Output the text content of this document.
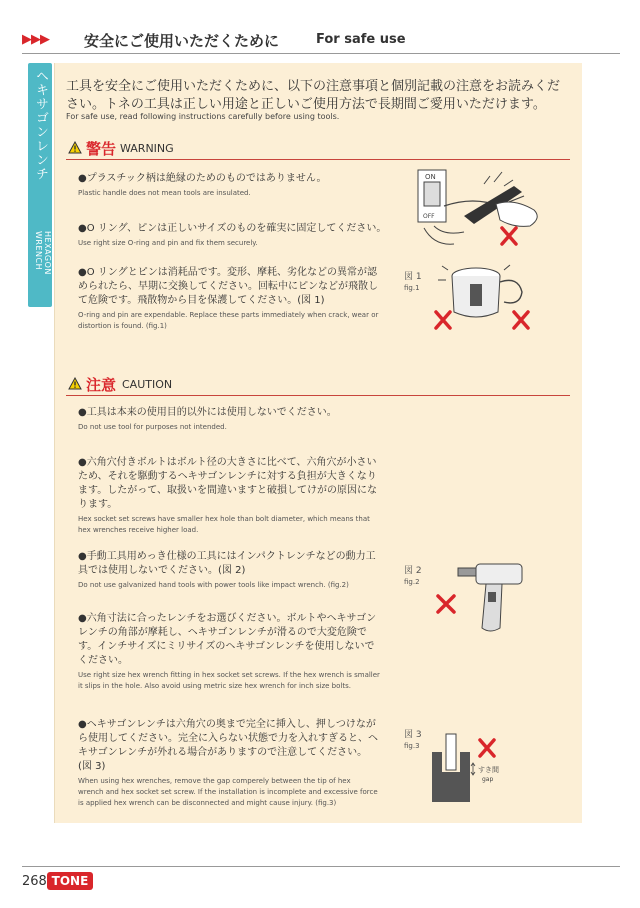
▶▶▶ 安全にご使用いただくために	For safe use
ヘキサゴンレンチ
HEXAGON WRENCH
工具を安全にご使用いただくために、以下の注意事項と個別記載の注意をお読みください。トネの工具は正しい用途と正しいご使用方法で長期間ご愛用いただけます。
For safe use, read following instructions carefully before using tools.
警告 WARNING
●プラスチック柄は絶縁のためのものではありません。
Plastic handle does not mean tools are insulated.
●O リング、ピンは正しいサイズのものを確実に固定してください。
Use right size O-ring and pin and fix them securely.
●O リングとピンは消耗品です。変形、摩耗、劣化などの異常が認められたら、早期に交換してください。回転中にピンなどが飛散して危険です。飛散物から目を保護してください。(図 1)
O-ring and pin are expendable. Replace these parts immediately when crack, wear or distortion is found. (fig.1)
ON
OFF
図 1
fig.1
注意 CAUTION
●工具は本来の使用目的以外には使用しないでください。
Do not use tool for purposes not intended.
●六角穴付きボルトはボルト径の大きさに比べて、六角穴が小さいため、それを駆動するヘキサゴンレンチに対する負担が大きくなります。したがって、取扱いを間違いますと破損してけがの原因になります。
Hex socket set screws have smaller hex hole than bolt diameter, which means that hex wrenches receive higher load.
●手動工具用めっき仕様の工具にはインパクトレンチなどの動力工具では使用しないでください。(図 2)
Do not use galvanized hand tools with power tools like impact wrench. (fig.2)
●六角寸法に合ったレンチをお選びください。ボルトやヘキサゴンレンチの角部が摩耗し、ヘキサゴンレンチが滑るので大変危険です。インチサイズにミリサイズのヘキサゴンレンチを使用しないでください。
Use right size hex wrench fitting in hex socket set screws. If the hex wrench is smaller it slips in the hole. Also avoid using metric size hex wrench for inch size bolts.
●ヘキサゴンレンチは六角穴の奥まで完全に挿入し、押しつけながら使用してください。完全に入らない状態で力を入れすぎると、ヘキサゴンレンチが外れる場合がありますので注意してください。(図 3)
When using hex wrenches, remove the gap comperely between the tip of hex wrench and hex socket set screw. If the installation is incomplete and excessive force is applied hex wrench can be disconnected and might cause injury. (fig.3)
図 2
fig.2
図 3
fig.3
すき間
gap
268 TONE
